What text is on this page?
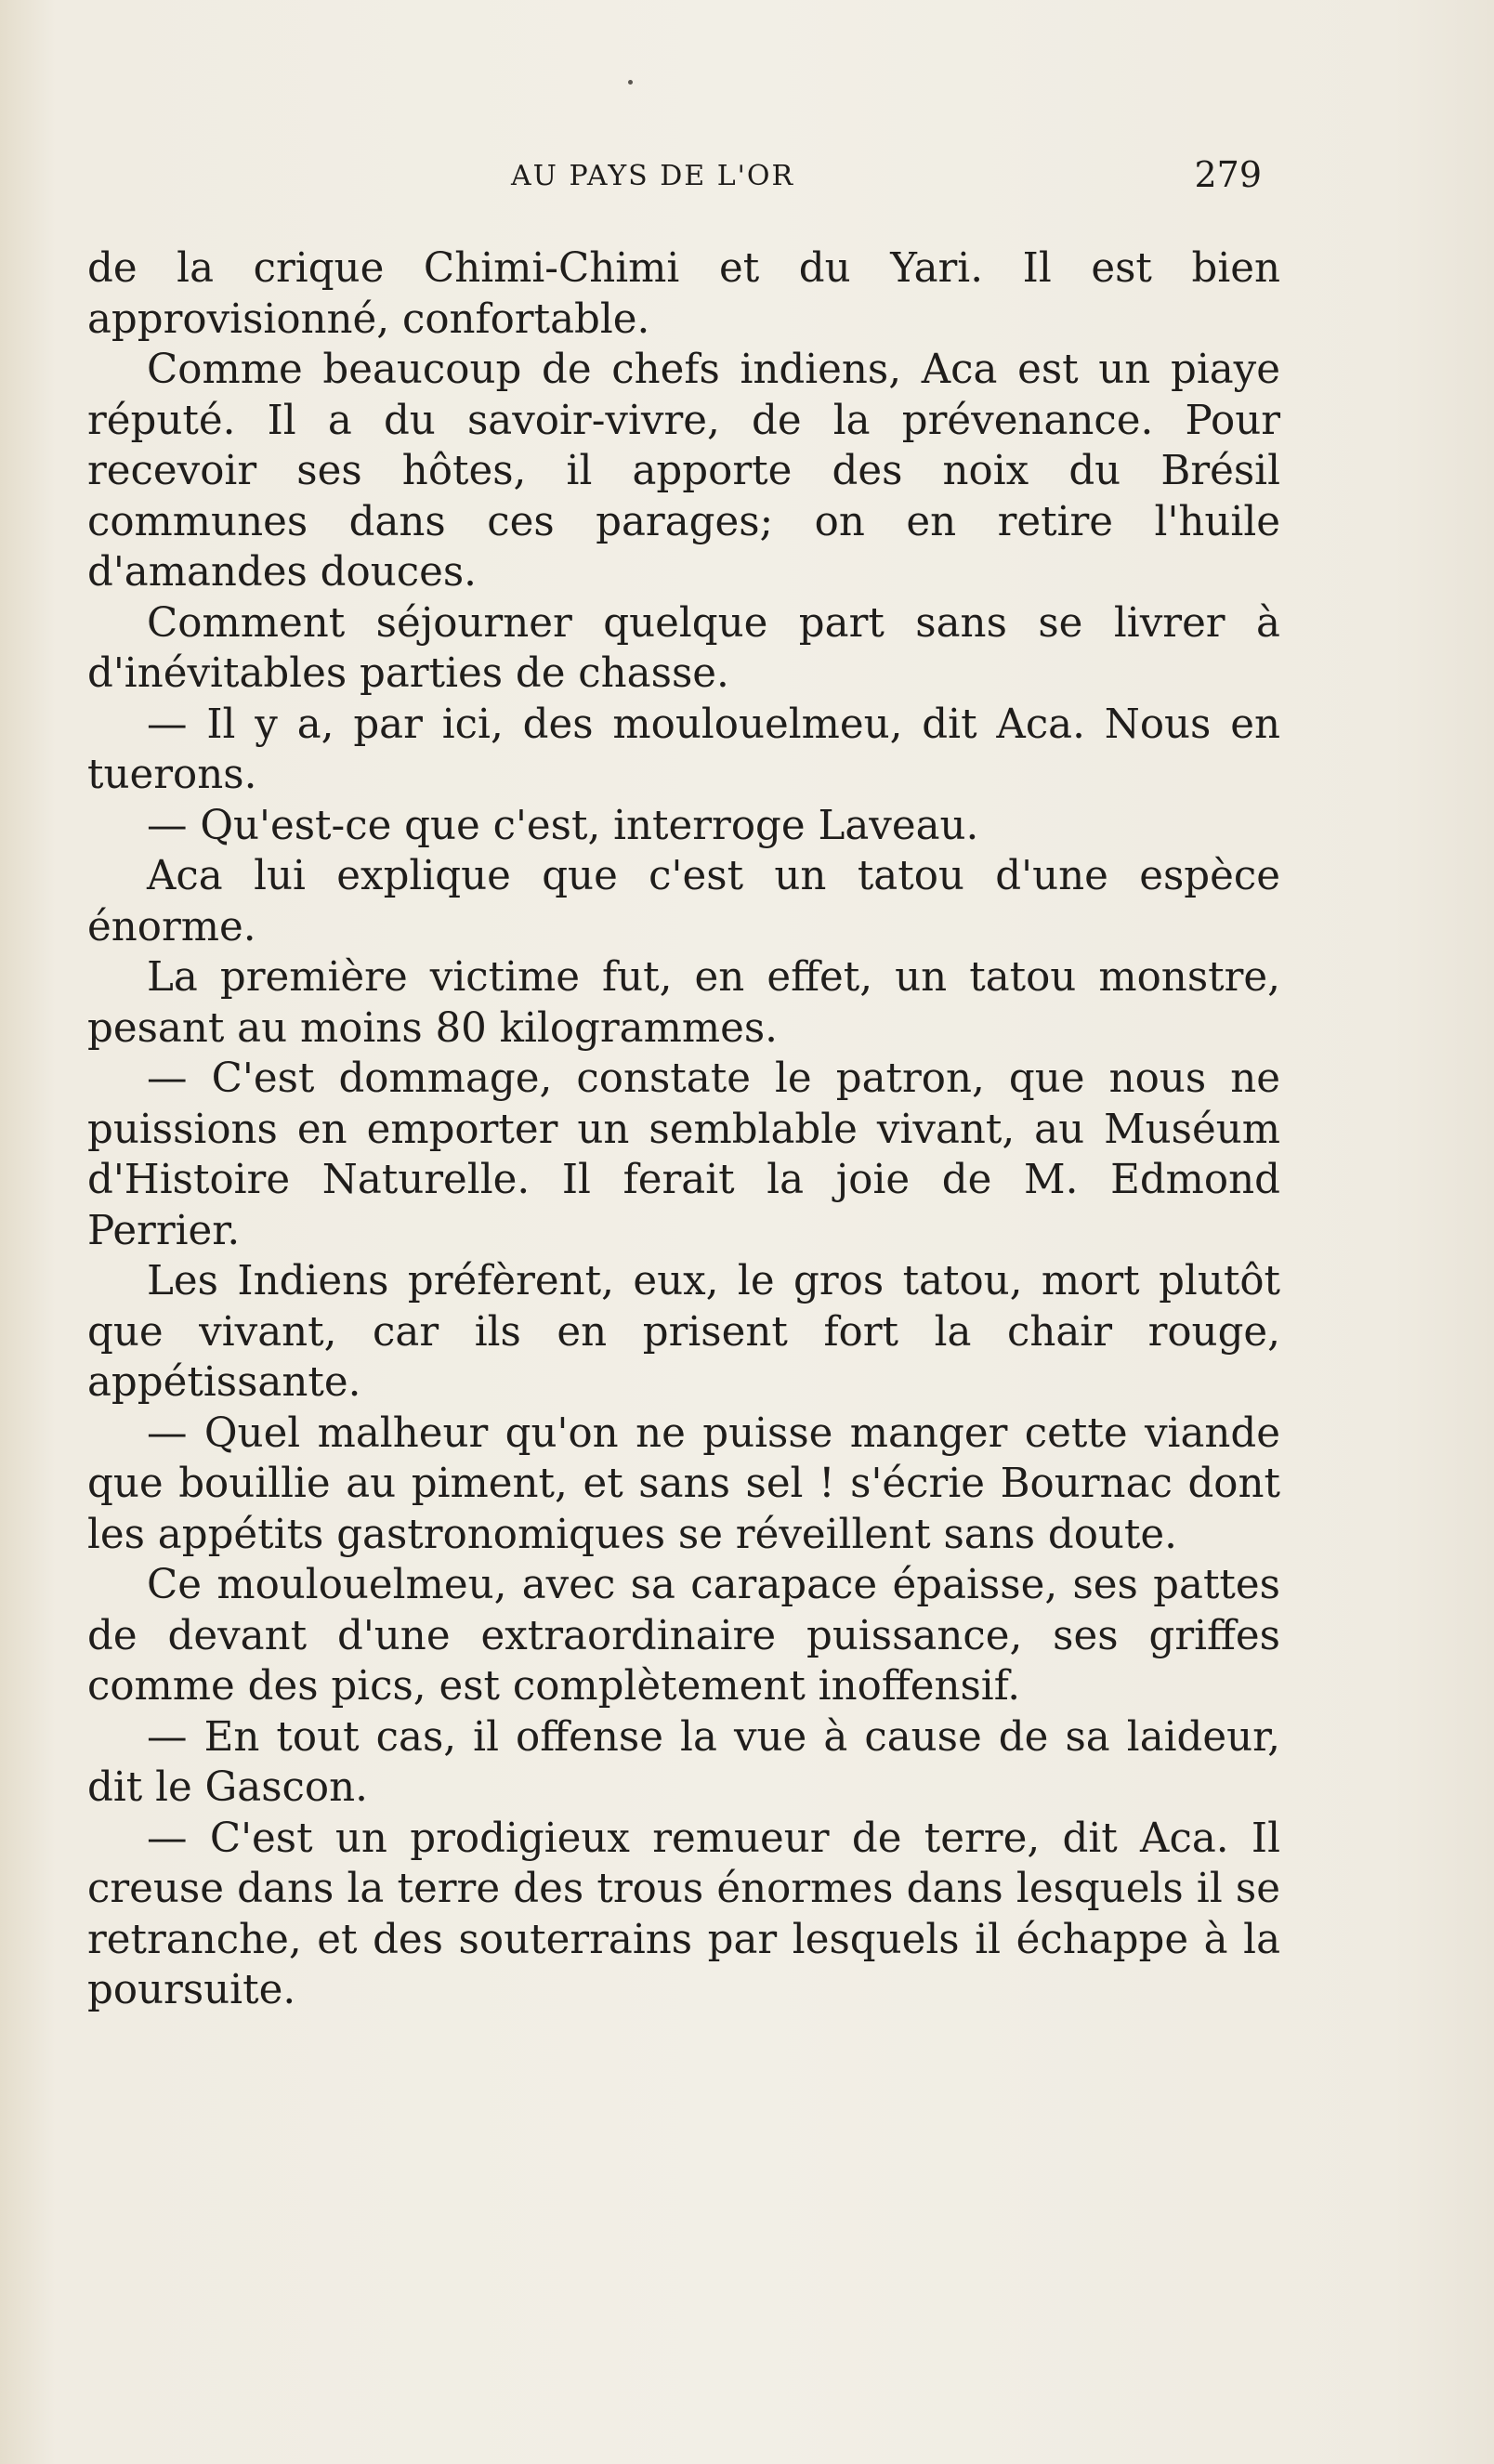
AU PAYS DE L'OR	279

de la crique Chimi-Chimi et du Yari. Il est bien approvisionné, confortable.

Comme beaucoup de chefs indiens, Aca est un piaye réputé. Il a du savoir-vivre, de la prévenance. Pour recevoir ses hôtes, il apporte des noix du Brésil communes dans ces parages; on en retire l'huile d'amandes douces.

Comment séjourner quelque part sans se livrer à d'inévitables parties de chasse.

— Il y a, par ici, des moulouelmeu, dit Aca. Nous en tuerons.

— Qu'est-ce que c'est, interroge Laveau.

Aca lui explique que c'est un tatou d'une espèce énorme.

La première victime fut, en effet, un tatou monstre, pesant au moins 80 kilogrammes.

— C'est dommage, constate le patron, que nous ne puissions en emporter un semblable vivant, au Muséum d'Histoire Naturelle. Il ferait la joie de M. Edmond Perrier.

Les Indiens préfèrent, eux, le gros tatou, mort plutôt que vivant, car ils en prisent fort la chair rouge, appétissante.

— Quel malheur qu'on ne puisse manger cette viande que bouillie au piment, et sans sel ! s'écrie Bournac dont les appétits gastronomiques se réveillent sans doute.

Ce moulouelmeu, avec sa carapace épaisse, ses pattes de devant d'une extraordinaire puissance, ses griffes comme des pics, est complètement inoffensif.

— En tout cas, il offense la vue à cause de sa laideur, dit le Gascon.

— C'est un prodigieux remueur de terre, dit Aca. Il creuse dans la terre des trous énormes dans lesquels il se retranche, et des souterrains par lesquels il échappe à la poursuite.
